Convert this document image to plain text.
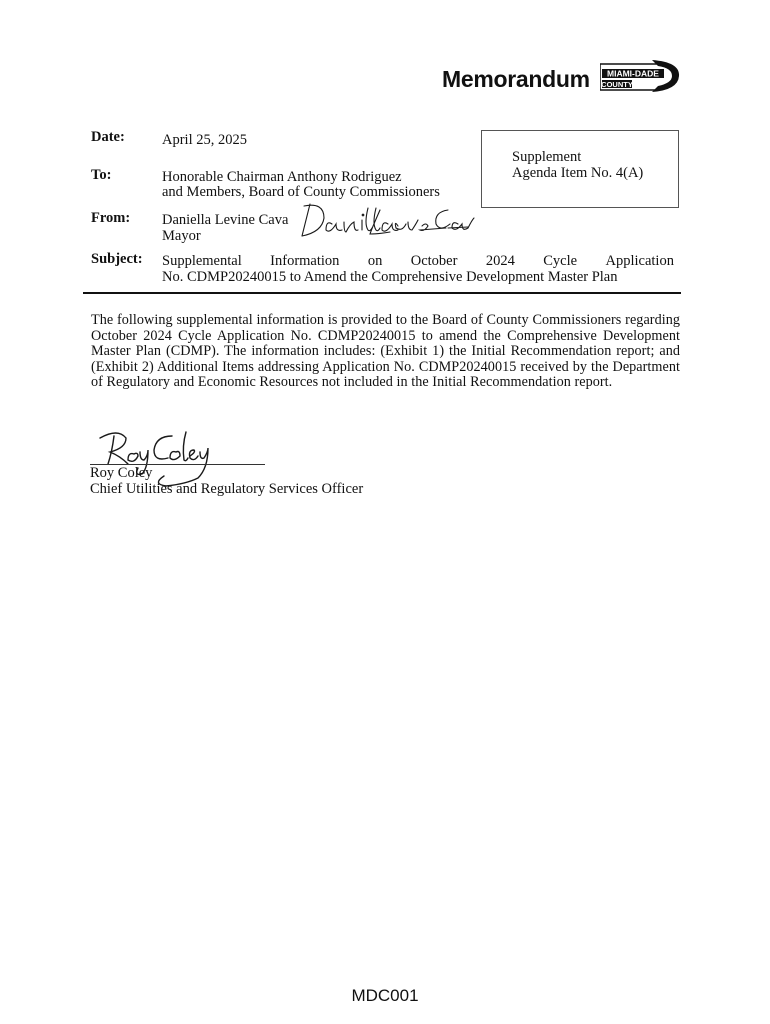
Memorandum MIAMI-DADE
COUNTY
Date:	April 25, 2025
Supplement
Agenda Item No. 4(A)
To:	Honorable Chairman Anthony Rodriguez
and Members, Board of County Commissioners
From: Daniella Levine Cava
Mayor
Subject: Supplemental Information on October 2024 Cycle Application
No. CDMP20240015 to Amend the Comprehensive Development Master Plan
The following supplemental information is provided to the Board of County Commissioners regarding October 2024 Cycle Application No. CDMP20240015 to amend the Comprehensive Development Master Plan (CDMP). The information includes: (Exhibit 1) the Initial Recommendation report; and (Exhibit 2) Additional Items addressing Application No. CDMP20240015 received by the Department of Regulatory and Economic Resources not included in the Initial Recommendation report.
Roy Coley
Chief Utilities and Regulatory Services Officer
MDC001
